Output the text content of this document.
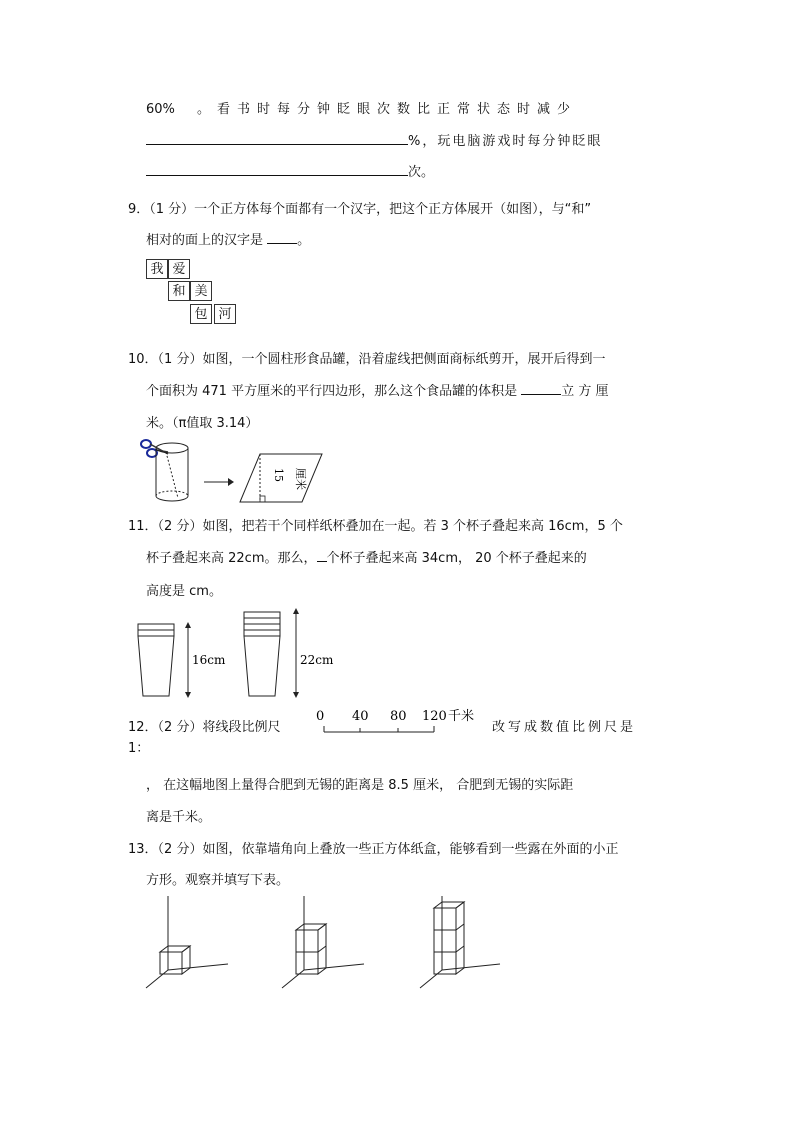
60% 。看书时每分钟眨眼次数比正常状态时减少
%，玩电脑游戏时每分钟眨眼
次。
9．（1 分）一个正方体每个面都有一个汉字，把这个正方体展开（如图），与“和”
相对的面上的汉字是	。
我 爱
和 美
包 河
10．（1 分）如图，一个圆柱形食品罐，沿着虚线把侧面商标纸剪开，展开后得到一
个面积为 471 平方厘米的平行四边形，那么这个食品罐的体积是	立 方 厘
米。（π值取 3.14）
15 厘米
11．（2 分）如图，把若干个同样纸杯叠加在一起。若 3 个杯子叠起来高 16cm，5 个
杯子叠起来高 22cm。那么， 个杯子叠起来高 34cm， 20 个杯子叠起来的
高度是 cm。
16cm	22cm
12．（2 分）将线段比例尺
0 40 80 120 千米
改写成数值比例尺是
1：
， 在这幅地图上量得合肥到无锡的距离是 8.5 厘米， 合肥到无锡的实际距
离是千米。
13．（2 分）如图，依靠墙角向上叠放一些正方体纸盒，能够看到一些露在外面的小正
方形。观察并填写下表。
